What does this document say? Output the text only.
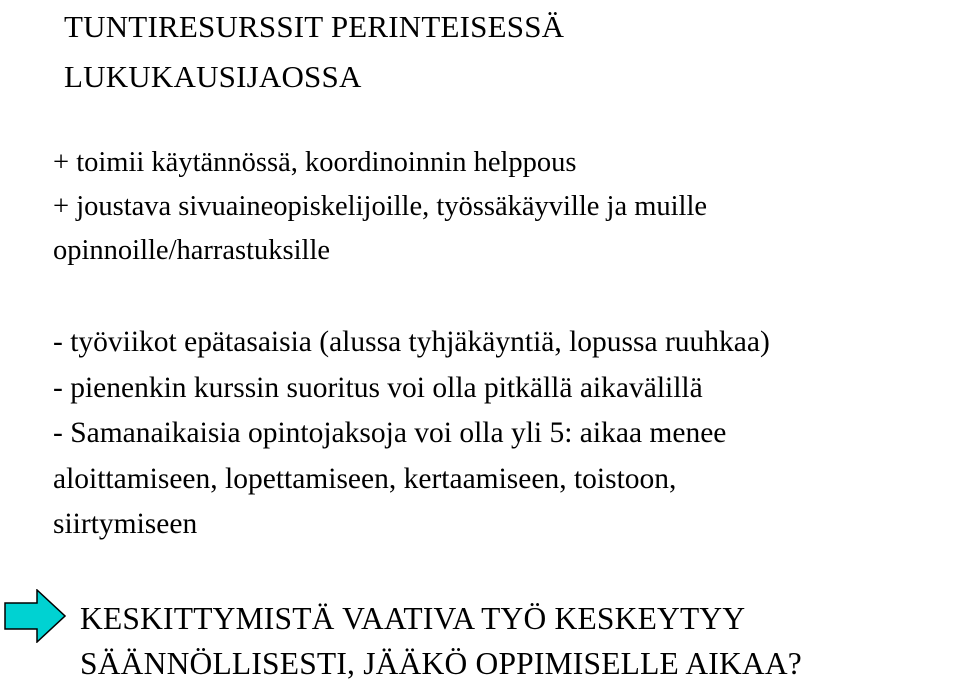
TUNTIRESURSSIT PERINTEISESSÄ
LUKUKAUSIJAOSSA
+ toimii käytännössä, koordinoinnin helppous
+ joustava sivuaineopiskelijoille, työssäkäyville ja muille
opinnoille/harrastuksille
- työviikot epätasaisia (alussa tyhjäkäyntiä, lopussa ruuhkaa)
- pienenkin kurssin suoritus voi olla pitkällä aikavälillä
- Samanaikaisia opintojaksoja voi olla yli 5: aikaa menee
aloittamiseen, lopettamiseen, kertaamiseen, toistoon,
siirtymiseen
KESKITTYMISTÄ VAATIVA TYÖ KESKEYTYY
SÄÄNNÖLLISESTI, JÄÄKÖ OPPIMISELLE AIKAA?
